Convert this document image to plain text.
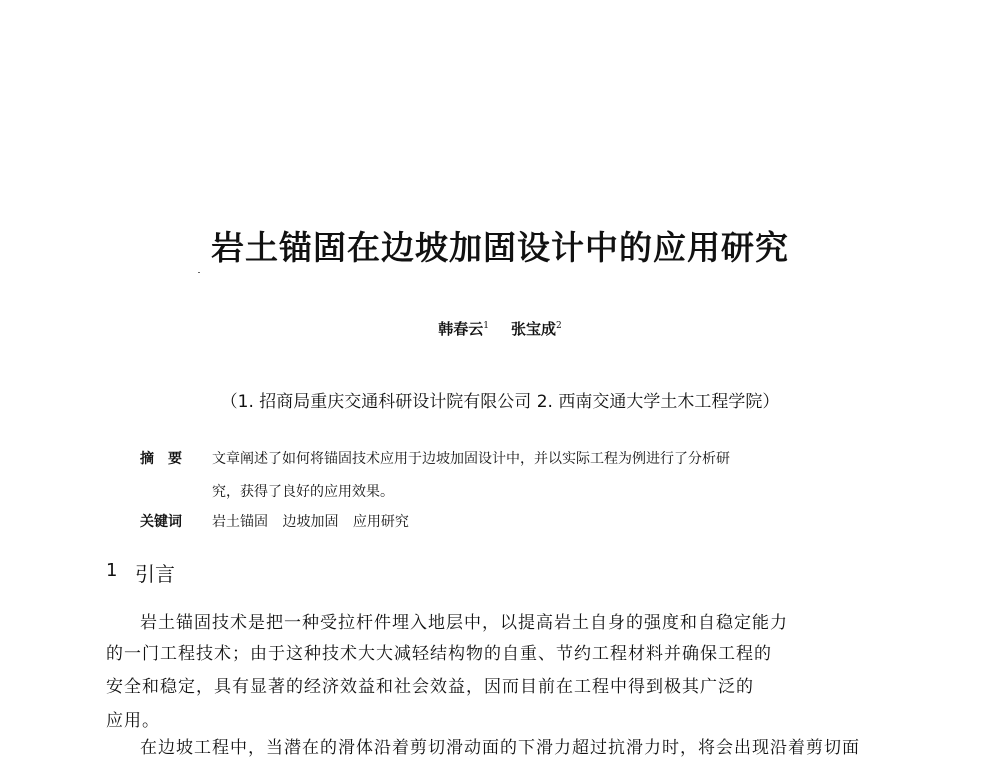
岩土锚固在边坡加固设计中的应用研究
韩春云$^1$ 张宝成$^2$
（1. 招商局重庆交通科研设计院有限公司 2. 西南交通大学土木工程学院）
摘　要 文章阐述了如何将锚固技术应用于边坡加固设计中，并以实际工程为例进行了分析研
究，获得了良好的应用效果。
关键词 岩土锚固 边坡加固 应用研究
1 引言
岩土锚固技术是把一种受拉杆件埋入地层中，以提高岩土自身的强度和自稳定能力
的一门工程技术；由于这种技术大大减轻结构物的自重、节约工程材料并确保工程的
安全和稳定，具有显著的经济效益和社会效益，因而目前在工程中得到极其广泛的
应用。
在边坡工程中，当潜在的滑体沿着剪切滑动面的下滑力超过抗滑力时，将会出现沿着剪切面
